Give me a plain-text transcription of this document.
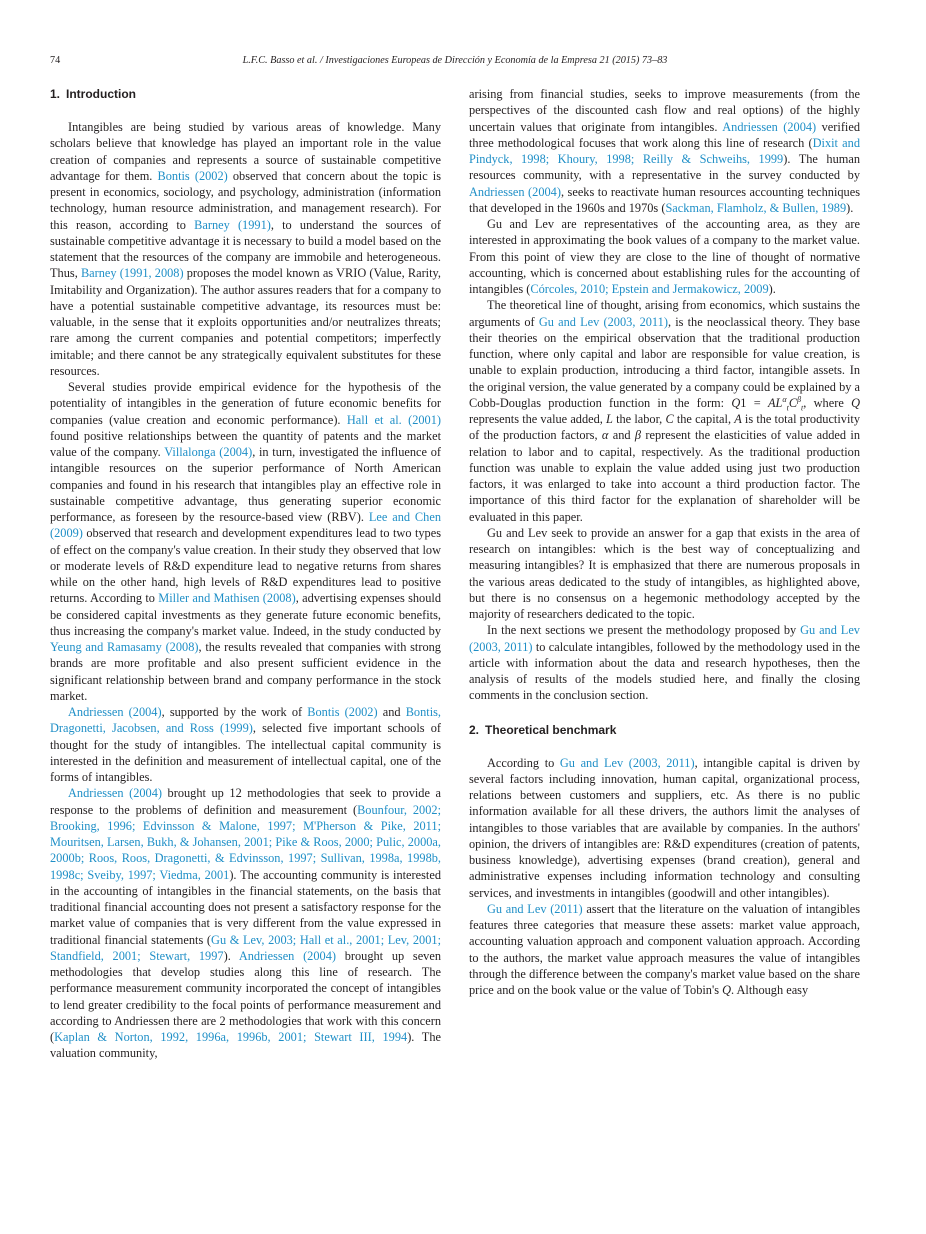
74	L.F.C. Basso et al. / Investigaciones Europeas de Dirección y Economía de la Empresa 21 (2015) 73–83
1. Introduction

Intangibles are being studied by various areas of knowledge. Many scholars believe that knowledge has played an important role in the value creation of companies and represents a source of sustainable competitive advantage for them. Bontis (2002) observed that concern about the topic is present in economics, sociology, and psychology, administration (information technology, human resource administration, and management research). For this reason, according to Barney (1991), to understand the sources of sustainable competitive advantage it is necessary to build a model based on the statement that the resources of the company are immobile and heterogeneous. Thus, Barney (1991, 2008) proposes the model known as VRIO (Value, Rarity, Imitability and Organization). The author assures readers that for a company to have a potential sustainable competitive advantage, its resources must be: valuable, in the sense that it exploits opportunities and/or neutralizes threats; rare among the current companies and potential competitors; imperfectly imitable; and there cannot be any strategically equivalent substitutes for these resources.

Several studies provide empirical evidence for the hypothesis of the potentiality of intangibles in the generation of future economic benefits for companies (value creation and economic performance). Hall et al. (2001) found positive relationships between the quantity of patents and the market value of the company. Villalonga (2004), in turn, investigated the influence of intangible resources on the superior performance of North American companies and found in his research that intangibles play an effective role in sustainable competitive advantage, thus generating superior economic performance, as foreseen by the resource-based view (RBV). Lee and Chen (2009) observed that research and development expenditures lead to two types of effect on the company's value creation. In their study they observed that low or moderate levels of R&D expenditure lead to negative returns from shares while on the other hand, high levels of R&D expenditures lead to positive returns. According to Miller and Mathisen (2008), advertising expenses should be considered capital investments as they generate future economic benefits, thus increasing the company's market value. Indeed, in the study conducted by Yeung and Ramasamy (2008), the results revealed that companies with strong brands are more profitable and also present sufficient evidence in the significant relationship between brand and company performance in the stock market.

Andriessen (2004), supported by the work of Bontis (2002) and Bontis, Dragonetti, Jacobsen, and Ross (1999), selected five important schools of thought for the study of intangibles. The intellectual capital community is interested in the definition and measurement of intellectual capital, one of the forms of intangibles.

Andriessen (2004) brought up 12 methodologies that seek to provide a response to the problems of definition and measurement (Bounfour, 2002; Brooking, 1996; Edvinsson & Malone, 1997; M'Pherson & Pike, 2011; Mouritsen, Larsen, Bukh, & Johansen, 2001; Pike & Roos, 2000; Pulic, 2000a, 2000b; Roos, Roos, Dragonetti, & Edvinsson, 1997; Sullivan, 1998a, 1998b, 1998c; Sveiby, 1997; Viedma, 2001). The accounting community is interested in the accounting of intangibles in the financial statements, on the basis that traditional financial accounting does not present a satisfactory response for the market value of companies that is very different from the value expressed in traditional financial statements (Gu & Lev, 2003; Hall et al., 2001; Lev, 2001; Standfield, 2001; Stewart, 1997). Andriessen (2004) brought up seven methodologies that develop studies along this line of research. The performance measurement community incorporated the concept of intangibles to lend greater credibility to the focal points of performance measurement and according to Andriessen there are 2 methodologies that work with this concern (Kaplan & Norton, 1992, 1996a, 1996b, 2001; Stewart III, 1994). The valuation community,

arising from financial studies, seeks to improve measurements (from the perspectives of the discounted cash flow and real options) of the highly uncertain values that originate from intangibles. Andriessen (2004) verified three methodological focuses that work along this line of research (Dixit and Pindyck, 1998; Khoury, 1998; Reilly & Schweihs, 1999). The human resources community, with a representative in the survey conducted by Andriessen (2004), seeks to reactivate human resources accounting techniques that developed in the 1960s and 1970s (Sackman, Flamholz, & Bullen, 1989).

Gu and Lev are representatives of the accounting area, as they are interested in approximating the book values of a company to the market value. From this point of view they are close to the line of thought of normative accounting, which is concerned about establishing rules for the accounting of intangibles (Córcoles, 2010; Epstein and Jermakowicz, 2009).

The theoretical line of thought, arising from economics, which sustains the arguments of Gu and Lev (2003, 2011), is the neoclassical theory. They base their theories on the empirical observation that the traditional production function, where only capital and labor are responsible for value creation, is unable to explain production, introducing a third factor, intangible assets. In the original version, the value generated by a company could be explained by a Cobb-Douglas production function in the form: $Q1 = AL^\alpha_tC^\beta_t$, where Q represents the value added, L the labor, C the capital, A is the total productivity of the production factors, α and β represent the elasticities of value added in relation to labor and to capital, respectively. As the traditional production function was unable to explain the value added using just two production factors, it was enlarged to take into account a third production factor. The importance of this third factor for the explanation of shareholder will be evaluated in this paper.

Gu and Lev seek to provide an answer for a gap that exists in the area of research on intangibles: which is the best way of conceptualizing and measuring intangibles? It is emphasized that there are numerous proposals in the various areas dedicated to the study of intangibles, as highlighted above, but there is no consensus on a hegemonic methodology accepted by the majority of researchers dedicated to the topic.

In the next sections we present the methodology proposed by Gu and Lev (2003, 2011) to calculate intangibles, followed by the methodology used in the article with information about the data and research hypotheses, then the analysis of results of the models studied here, and finally the closing comments in the conclusion section.

2. Theoretical benchmark

According to Gu and Lev (2003, 2011), intangible capital is driven by several factors including innovation, human capital, organizational process, relations between customers and suppliers, etc. As there is no public information available for all these drivers, the authors limit the analyses of intangibles to those variables that are available by companies. In the authors' opinion, the drivers of intangibles are: R&D expenditures (creation of patents, business knowledge), advertising expenses (brand creation), general and administrative expenses including information technology and consulting services, and investments in intangibles (goodwill and other intangibles).

Gu and Lev (2011) assert that the literature on the valuation of intangibles features three categories that measure these assets: market value approach, accounting valuation approach and component valuation approach. According to the authors, the market value approach measures the value of intangibles through the difference between the company's market value based on the share price and on the book value or the value of Tobin's Q. Although easy
